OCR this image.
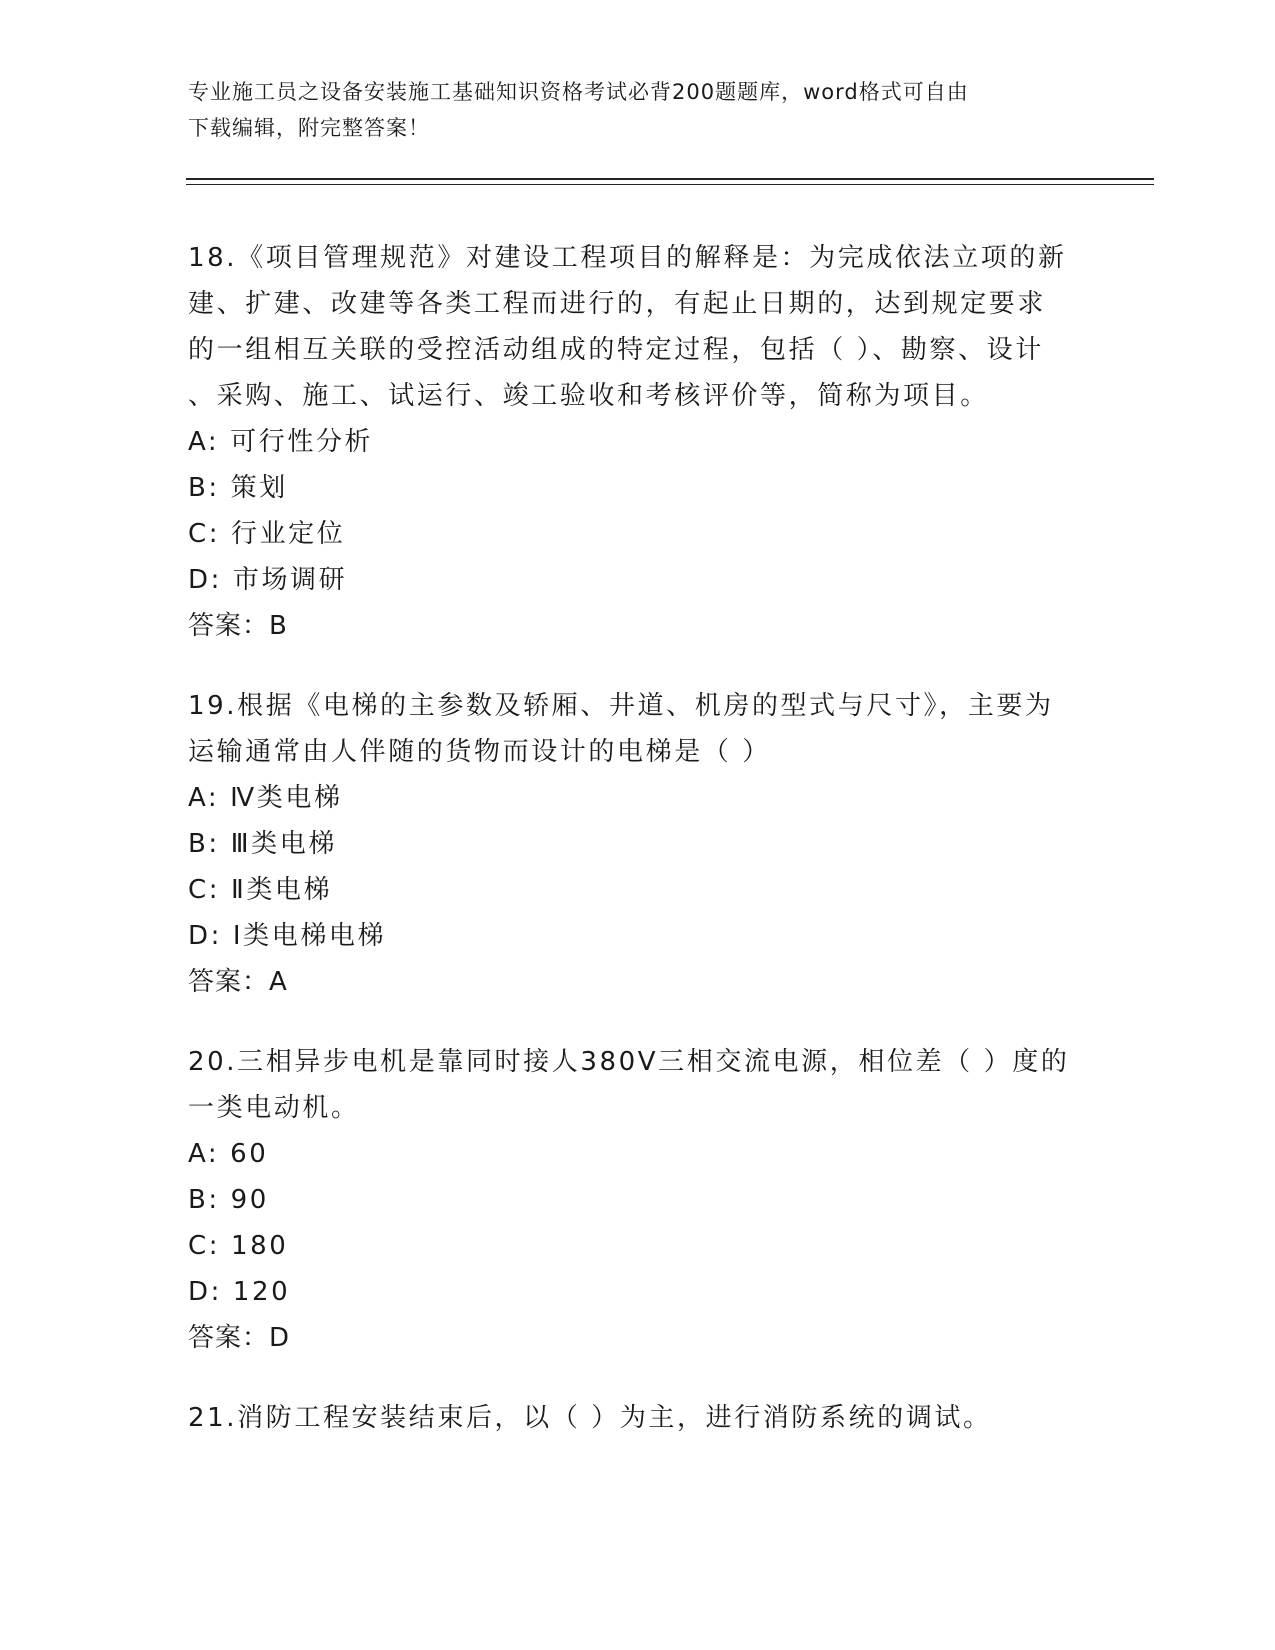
专业施工员之设备安装施工基础知识资格考试必背200题题库，word格式可自由
下载编辑，附完整答案！
18.《项目管理规范》对建设工程项目的解释是：为完成依法立项的新
建、扩建、改建等各类工程而进行的，有起止日期的，达到规定要求
的一组相互关联的受控活动组成的特定过程，包括（ ）、勘察、设计
、采购、施工、试运行、竣工验收和考核评价等，简称为项目。
A: 可行性分析
B: 策划
C: 行业定位
D: 市场调研
答案：B
19.根据《电梯的主参数及轿厢、井道、机房的型式与尺寸》，主要为
运输通常由人伴随的货物而设计的电梯是（ ）
A: Ⅳ类电梯
B: Ⅲ类电梯
C: Ⅱ类电梯
D: Ⅰ类电梯电梯
答案：A
20.三相异步电机是靠同时接人380V三相交流电源，相位差（ ）度的
一类电动机。
A: 60
B: 90
C: 180
D: 120
答案：D
21.消防工程安装结束后，以（ ）为主，进行消防系统的调试。
